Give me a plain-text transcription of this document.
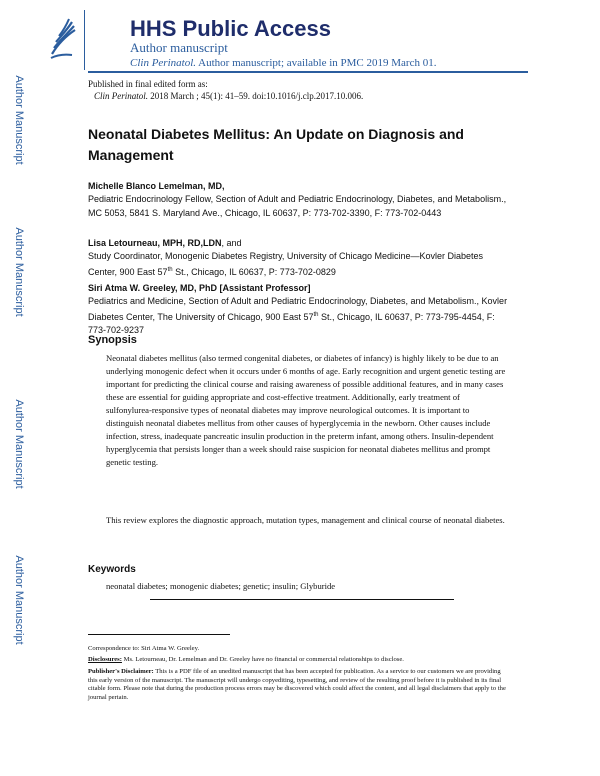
Author Manuscript
Author Manuscript
Author Manuscript
Author Manuscript
HHS Public Access
Author manuscript
Clin Perinatol. Author manuscript; available in PMC 2019 March 01.
Published in final edited form as:
Clin Perinatol. 2018 March ; 45(1): 41–59. doi:10.1016/j.clp.2017.10.006.
Neonatal Diabetes Mellitus: An Update on Diagnosis and Management
Michelle Blanco Lemelman, MD,
Pediatric Endocrinology Fellow, Section of Adult and Pediatric Endocrinology, Diabetes, and Metabolism., MC 5053, 5841 S. Maryland Ave., Chicago, IL 60637, P: 773-702-3390, F: 773-702-0443
Lisa Letourneau, MPH, RD,LDN, and
Study Coordinator, Monogenic Diabetes Registry, University of Chicago Medicine—Kovler Diabetes Center, 900 East 57th St., Chicago, IL 60637, P: 773-702-0829
Siri Atma W. Greeley, MD, PhD [Assistant Professor]
Pediatrics and Medicine, Section of Adult and Pediatric Endocrinology, Diabetes, and Metabolism., Kovler Diabetes Center, The University of Chicago, 900 East 57th St., Chicago, IL 60637, P: 773-795-4454, F: 773-702-9237
Synopsis

Neonatal diabetes mellitus (also termed congenital diabetes, or diabetes of infancy) is highly likely to be due to an underlying monogenic defect when it occurs under 6 months of age. Early recognition and urgent genetic testing are important for predicting the clinical course and raising awareness of possible additional features, and in many cases these are essential for guiding appropriate and cost-effective treatment. Additionally, early treatment of sulfonylurea-responsive types of neonatal diabetes may improve neurological outcomes. It is important to distinguish neonatal diabetes mellitus from other causes of hyperglycemia in the newborn. Other causes include infection, stress, inadequate pancreatic insulin production in the preterm infant, among others. Insulin-dependent hyperglycemia that persists longer than a week should raise suspicion for neonatal diabetes mellitus and prompt genetic testing.

This review explores the diagnostic approach, mutation types, management and clinical course of neonatal diabetes.

Keywords
neonatal diabetes; monogenic diabetes; genetic; insulin; Glyburide
Correspondence to: Siri Atma W. Greeley.
Disclosures: Ms. Letourneau, Dr. Lemelman and Dr. Greeley have no financial or commercial relationships to disclose.
Publisher's Disclaimer: This is a PDF file of an unedited manuscript that has been accepted for publication. As a service to our customers we are providing this early version of the manuscript. The manuscript will undergo copyediting, typesetting, and review of the resulting proof before it is published in its final citable form. Please note that during the production process errors may be discovered which could affect the content, and all legal disclaimers that apply to the journal pertain.
